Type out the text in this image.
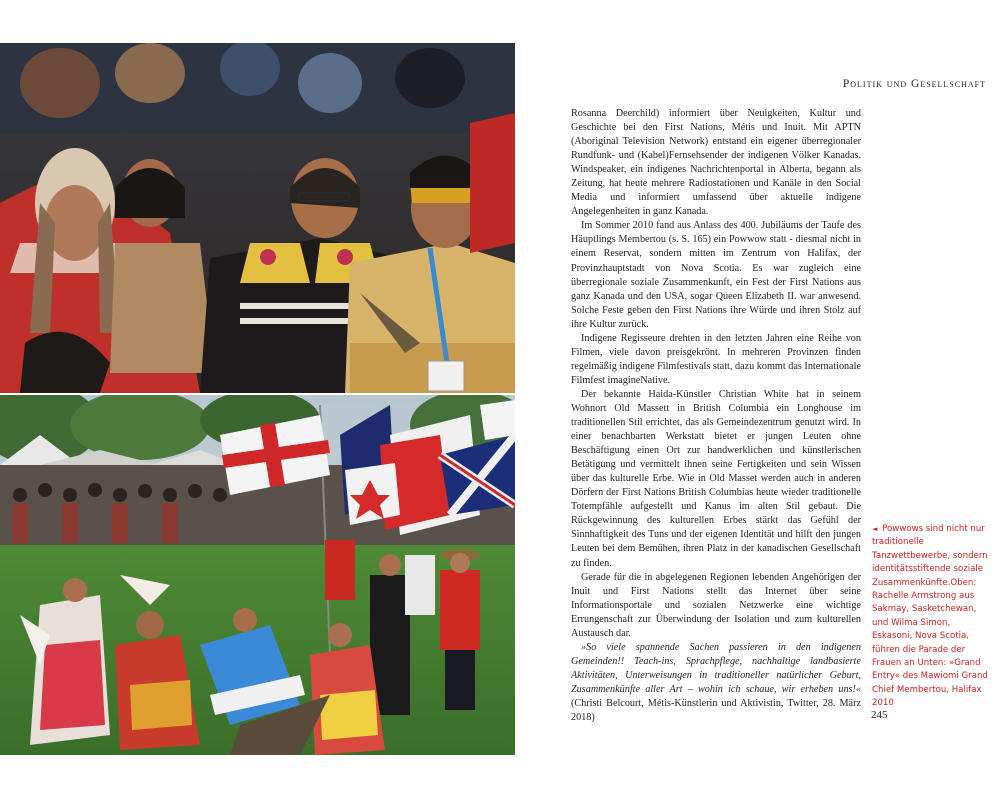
Politik und Gesellschaft

Rosanna Deerchild) informiert über Neuigkeiten, Kultur und Geschichte bei den First Nations, Métis und Inuit. Mit APTN (Aboriginal Television Network) entstand ein eigener überregionaler Rundfunk- und (Kabel)Fernsehsender der indigenen Völker Kanadas. Windspeaker, ein indigenes Nachrichtenportal in Alberta, begann als Zeitung, hat heute mehrere Radiostationen und Kanäle in den Social Media und informiert umfassend über aktuelle indigene Angelegenheiten in ganz Kanada.

Im Sommer 2010 fand aus Anlass des 400. Jubiläums der Taufe des Häuptlings Membertou (s. S. 165) ein Powwow statt - diesmal nicht in einem Reservat, sondern mitten im Zentrum von Halifax, der Provinzhauptstadt von Nova Scotia. Es war zugleich eine überregionale soziale Zusammenkunft, ein Fest der First Nations aus ganz Kanada und den USA, sogar Queen Elizabeth II. war anwesend. Solche Feste geben den First Nations ihre Würde und ihren Stolz auf ihre Kultur zurück.

Indigene Regisseure drehten in den letzten Jahren eine Reihe von Filmen, viele davon preisgekrönt. In mehreren Provinzen finden regelmäßig indigene Filmfestivals statt, dazu kommt das Internationale Filmfest imagineNative.

Der bekannte Haida-Künstler Christian White hat in seinem Wohnort Old Massett in British Columbia ein Longhouse im traditionellen Stil errichtet, das als Gemeindezentrum genutzt wird. In einer benachbarten Werkstatt bietet er jungen Leuten ohne Beschäftigung einen Ort zur handwerklichen und künstlerischen Betätigung und vermittelt ihnen seine Fertigkeiten und sein Wissen über das kulturelle Erbe. Wie in Old Masset werden auch in anderen Dörfern der First Nations British Columbias heute wieder traditionelle Totempfähle aufgestellt und Kanus im alten Stil gebaut. Die Rückgewinnung des kulturellen Erbes stärkt das Gefühl der Sinnhaftigkeit des Tuns und der eigenen Identität und hilft den jungen Leuten bei dem Bemühen, ihren Platz in der kanadischen Gesellschaft zu finden.

Gerade für die in abgelegenen Regionen lebenden Angehörigen der Inuit und First Nations stellt das Internet über seine Informationsportale und sozialen Netzwerke eine wichtige Errungenschaft zur Überwindung der Isolation und zum kulturellen Austausch dar.

»So viele spannende Sachen passieren in den indigenen Gemeinden!! Teach-ins, Sprachpflege, nachhaltige landbasierte Aktivitäten, Unterweisungen in traditioneller natürlicher Geburt, Zusammenkünfte aller Art – wohin ich schaue, wir erheben uns!« (Christi Belcourt, Métis-Künstlerin und Aktivistin, Twitter, 28. März 2018)

◄ Powwows sind nicht nur traditionelle Tanzwettbewerbe, sondern identitätsstiftende soziale Zusammenkünfte.Oben: Rachelle Armstrong aus Sakmay, Sasketchewan, und Wilma Simon, Eskasoni, Nova Scotia, führen die Parade der Frauen an Unten: »Grand Entry« des Mawiomi Grand Chief Membertou, Halifax 2010
245
